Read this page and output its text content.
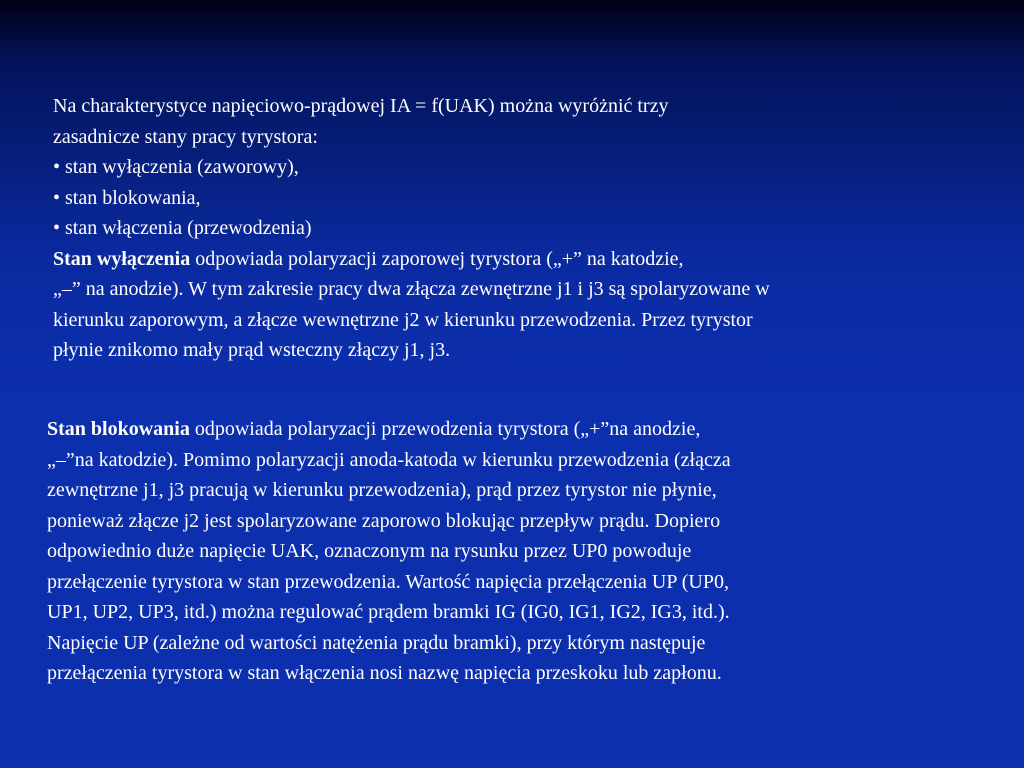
Na charakterystyce napięciowo-prądowej IA = f(UAK) można wyróżnić trzy
zasadnicze stany pracy tyrystora:
• stan wyłączenia (zaworowy),
• stan blokowania,
• stan włączenia (przewodzenia)
Stan wyłączenia odpowiada polaryzacji zaporowej tyrystora („+” na katodzie,
„–” na anodzie). W tym zakresie pracy dwa złącza zewnętrzne j1 i j3 są spolaryzowane w
kierunku zaporowym, a złącze wewnętrzne j2 w kierunku przewodzenia. Przez tyrystor
płynie znikomo mały prąd wsteczny złączy j1, j3.
Stan blokowania odpowiada polaryzacji przewodzenia tyrystora („+”na anodzie,
„–”na katodzie). Pomimo polaryzacji anoda-katoda w kierunku przewodzenia (złącza
zewnętrzne j1, j3 pracują w kierunku przewodzenia), prąd przez tyrystor nie płynie,
ponieważ złącze j2 jest spolaryzowane zaporowo blokując przepływ prądu. Dopiero
odpowiednio duże napięcie UAK, oznaczonym na rysunku przez UP0 powoduje
przełączenie tyrystora w stan przewodzenia. Wartość napięcia przełączenia UP (UP0,
UP1, UP2, UP3, itd.) można regulować prądem bramki IG (IG0, IG1, IG2, IG3, itd.).
Napięcie UP (zależne od wartości natężenia prądu bramki), przy którym następuje
przełączenia tyrystora w stan włączenia nosi nazwę napięcia przeskoku lub zapłonu.
